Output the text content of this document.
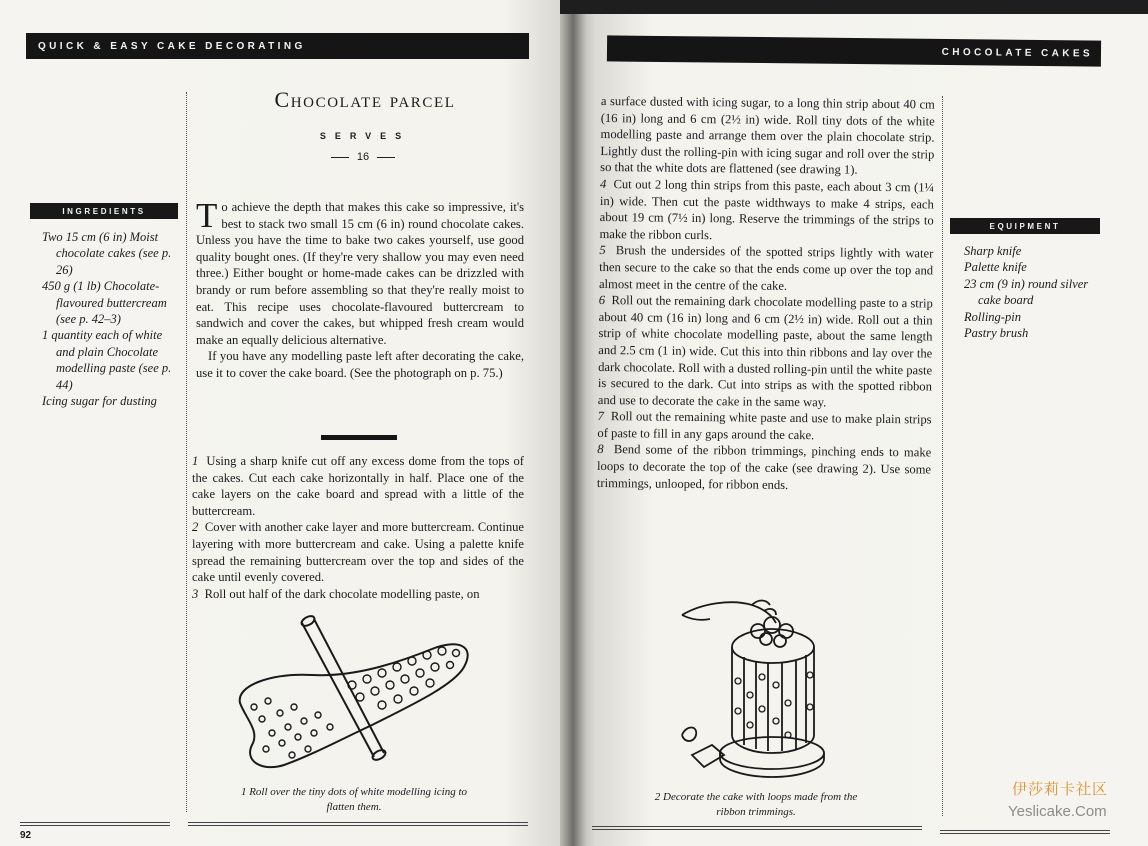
QUICK & EASY CAKE DECORATING
INGREDIENTS
Two 15 cm (6 in) Moist chocolate cakes (see p. 26)
450 g (1 lb) Chocolate-flavoured buttercream (see p. 42–3)
1 quantity each of white and plain Chocolate modelling paste (see p. 44)
Icing sugar for dusting
Chocolate parcel
SERVES
16

To achieve the depth that makes this cake so impressive, it's best to stack two small 15 cm (6 in) round chocolate cakes. Unless you have the time to bake two cakes yourself, use good quality bought ones. (If they're very shallow you may even need three.) Either bought or home-made cakes can be drizzled with brandy or rum before assembling so that they're really moist to eat. This recipe uses chocolate-flavoured buttercream to sandwich and cover the cakes, but whipped fresh cream would make an equally delicious alternative.

If you have any modelling paste left after decorating the cake, use it to cover the cake board. (See the photograph on p. 75.)

1 Using a sharp knife cut off any excess dome from the tops of the cakes. Cut each cake horizontally in half. Place one of the cake layers on the cake board and spread with a little of the buttercream.

2 Cover with another cake layer and more buttercream. Continue layering with more buttercream and cake. Using a palette knife spread the remaining buttercream over the top and sides of the cake until evenly covered.

3 Roll out half of the dark chocolate modelling paste, on

1 Roll over the tiny dots of white modelling icing to flatten them.
92
CHOCOLATE CAKES

a surface dusted with icing sugar, to a long thin strip about 40 cm (16 in) long and 6 cm (2½ in) wide. Roll tiny dots of the white modelling paste and arrange them over the plain chocolate strip. Lightly dust the rolling-pin with icing sugar and roll over the strip so that the white dots are flattened (see drawing 1).

4 Cut out 2 long thin strips from this paste, each about 3 cm (1¼ in) wide. Then cut the paste widthways to make 4 strips, each about 19 cm (7½ in) long. Reserve the trimmings of the strips to make the ribbon curls.

5 Brush the undersides of the spotted strips lightly with water then secure to the cake so that the ends come up over the top and almost meet in the centre of the cake.

6 Roll out the remaining dark chocolate modelling paste to a strip about 40 cm (16 in) long and 6 cm (2½ in) wide. Roll out a thin strip of white chocolate modelling paste, about the same length and 2.5 cm (1 in) wide. Cut this into thin ribbons and lay over the dark chocolate. Roll with a dusted rolling-pin until the white paste is secured to the dark. Cut into strips as with the spotted ribbon and use to decorate the cake in the same way.

7 Roll out the remaining white paste and use to make plain strips of paste to fill in any gaps around the cake.

8 Bend some of the ribbon trimmings, pinching ends to make loops to decorate the top of the cake (see drawing 2). Use some trimmings, unlooped, for ribbon ends.

EQUIPMENT
Sharp knife
Palette knife
23 cm (9 in) round silver cake board
Rolling-pin
Pastry brush
2 Decorate the cake with loops made from the ribbon trimmings.
伊莎莉卡社区
Yeslicake.Com
